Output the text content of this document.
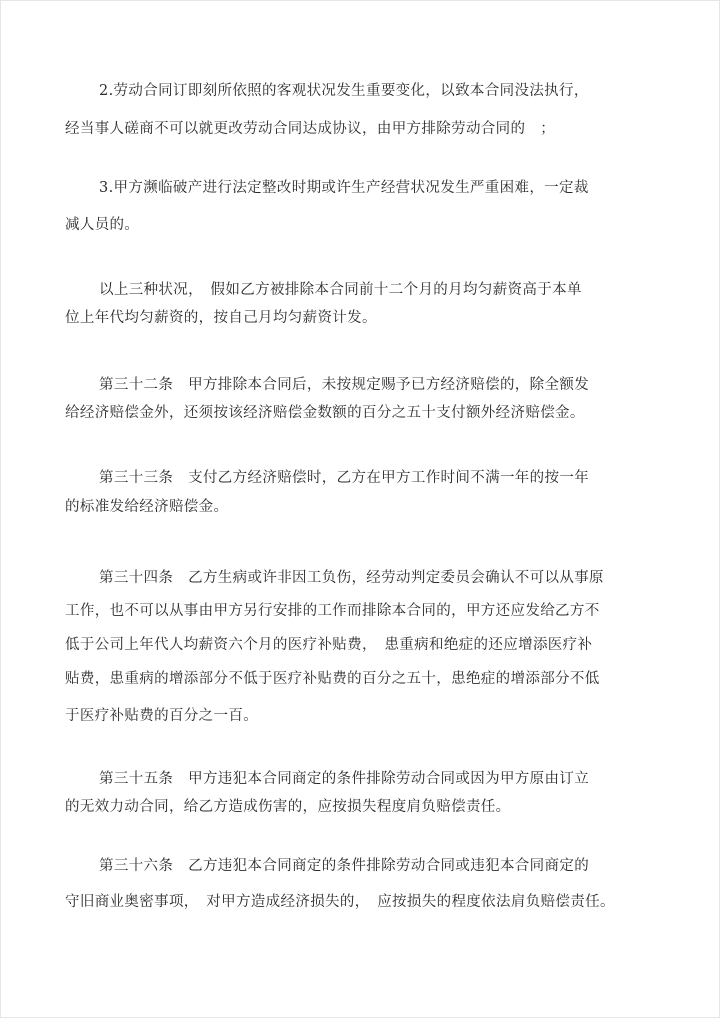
2.劳动合同订即刻所依照的客观状况发生重要变化，以致本合同没法执行，
经当事人磋商不可以就更改劳动合同达成协议，由甲方排除劳动合同的　；
3.甲方濒临破产进行法定整改时期或许生产经营状况发生严重困难，一定裁
减人员的。
以上三种状况，　假如乙方被排除本合同前十二个月的月均匀薪资高于本单
位上年代均匀薪资的，按自己月均匀薪资计发。
第三十二条　甲方排除本合同后，未按规定赐予已方经济赔偿的，除全额发
给经济赔偿金外，还须按该经济赔偿金数额的百分之五十支付额外经济赔偿金。
第三十三条　支付乙方经济赔偿时，乙方在甲方工作时间不满一年的按一年
的标准发给经济赔偿金。
第三十四条　乙方生病或许非因工负伤，经劳动判定委员会确认不可以从事原
工作，也不可以从事由甲方另行安排的工作而排除本合同的，甲方还应发给乙方不
低于公司上年代人均薪资六个月的医疗补贴费，　患重病和绝症的还应增添医疗补
贴费，患重病的增添部分不低于医疗补贴费的百分之五十，患绝症的增添部分不低
于医疗补贴费的百分之一百。
第三十五条　甲方违犯本合同商定的条件排除劳动合同或因为甲方原由订立
的无效力动合同，给乙方造成伤害的，应按损失程度肩负赔偿责任。
第三十六条　乙方违犯本合同商定的条件排除劳动合同或违犯本合同商定的
守旧商业奥密事项，　对甲方造成经济损失的，　应按损失的程度依法肩负赔偿责任。
